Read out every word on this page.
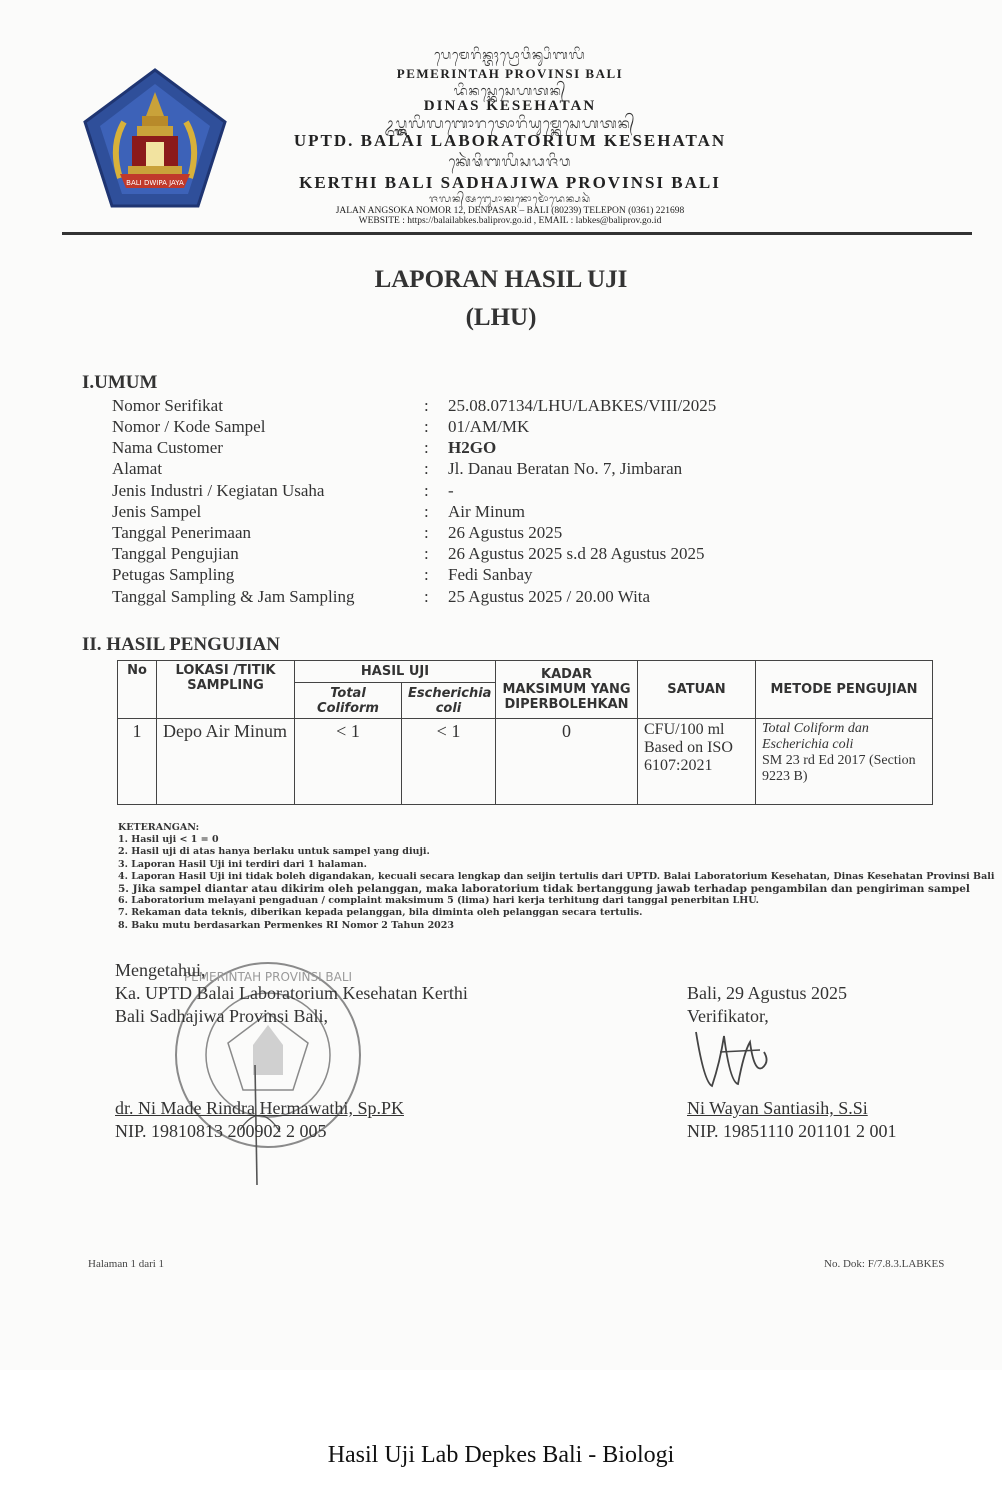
BALI DWIPA JAYA
ᬧᬾᬫᬾᬭᬶᬦ᭄ᬢᬄᬧ᭄ᬭᭀᬯᬶᬦ᭄ᬲᬶᬩᬮᬶ
PEMERINTAH PROVINSI BALI
ᬤᬶᬦᬲ᭄ᬓᬾᬲᬾᬳᬢᬦ᭄
DINAS KESEHATAN
ᬉᬧ᭄ᬢ᭄ᬤ᭄ᬩᬮᬶᬮᬩᭀᬭᬢᭀᬭᬶᬬᬸᬫ᭄ᬓᬾᬲᬾᬳᬢᬦ᭄
UPTD. BALAI LABORATORIUM KESEHATAN
ᬓᬾᬃᬣᬶᬩᬮᬶᬲᬥᬚᬶᬯ
KERTHI BALI SADHAJIWA PROVINSI BALI
ᬚᬮᬦ᭄ᬅᬗ᭄ᬲᭀᬓᬦᭀᬫᭀᬃᬤᬾᬦ᭄ᬧᬲᬃ
JALAN ANGSOKA NOMOR 12, DENPASAR – BALI (80239) TELEPON (0361) 221698
WEBSITE : https://balailabkes.baliprov.go.id , EMAIL : labkes@baliprov.go.id
LAPORAN HASIL UJI
(LHU)
I.UMUM
Nomor Serifikat	: 25.08.07134/LHU/LABKES/VIII/2025
Nomor / Kode Sampel	: 01/AM/MK
Nama Customer	: H2GO
Alamat	: Jl. Danau Beratan No. 7, Jimbaran
Jenis Industri / Kegiatan Usaha	: -
Jenis Sampel	: Air Minum
Tanggal Penerimaan	: 26 Agustus 2025
Tanggal Pengujian	: 26 Agustus 2025 s.d 28 Agustus 2025
Petugas Sampling	: Fedi Sanbay
Tanggal Sampling & Jam Sampling	: 25 Agustus 2025 / 20.00 Wita
II. HASIL PENGUJIAN
No	LOKASI /TITIK SAMPLING	HASIL UJI		KADAR MAKSIMUM YANG DIPERBOLEHKAN	SATUAN	METODE PENGUJIAN
		Total Coliform	Escherichia coli			
1	Depo Air Minum	< 1	< 1	0	CFU/100 ml Based on ISO 6107:2021	Total Coliform dan Escherichia coli
SM 23 rd Ed 2017 (Section 9223 B)
KETERANGAN:
1. Hasil uji < 1 = 0
2. Hasil uji di atas hanya berlaku untuk sampel yang diuji.
3. Laporan Hasil Uji ini terdiri dari 1 halaman.
4. Laporan Hasil Uji ini tidak boleh digandakan, kecuali secara lengkap dan seijin tertulis dari UPTD. Balai Laboratorium Kesehatan, Dinas Kesehatan Provinsi Bali
5. Jika sampel diantar atau dikirim oleh pelanggan, maka laboratorium tidak bertanggung jawab terhadap pengambilan dan pengiriman sampel
6. Laboratorium melayani pengaduan / complaint maksimum 5 (lima) hari kerja terhitung dari tanggal penerbitan LHU.
7. Rekaman data teknis, diberikan kepada pelanggan, bila diminta oleh pelanggan secara tertulis.
8. Baku mutu berdasarkan Permenkes RI Nomor 2 Tahun 2023
PEMERINTAH PROVINSI BALI
Mengetahui,
Ka. UPTD Balai Laboratorium Kesehatan Kerthi
Bali Sadhajiwa Provinsi Bali,
dr. Ni Made Rindra Hermawathi, Sp.PK
NIP. 19810813 200902 2 005
Bali, 29 Agustus 2025
Verifikator,
Ni Wayan Santiasih, S.Si
NIP. 19851110 201101 2 001
Halaman 1 dari 1	No. Dok: F/7.8.3.LABKES
Hasil Uji Lab Depkes Bali - Biologi
